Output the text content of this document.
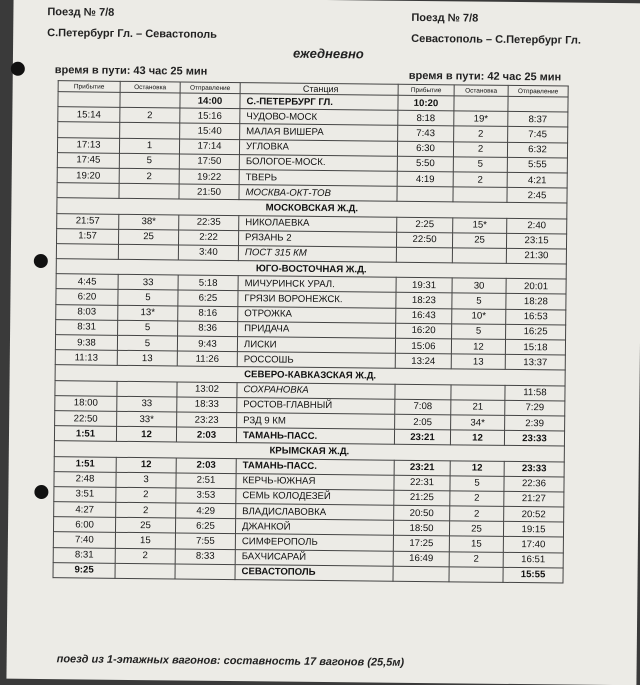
Поезд № 7/8
С.Петербург Гл. – Севастополь
Поезд № 7/8
Севастополь – С.Петербург Гл.
ежедневно
время в пути: 43 час 25 мин	время в пути: 42 час 25 мин
Прибытие	Остановка	Отправление	Станция	Прибытие	Остановка	Отправление
		14:00	С.-ПЕТЕРБУРГ ГЛ.	10:20		
15:14	2	15:16	ЧУДОВО-МОСК	8:18	19*	8:37
		15:40	МАЛАЯ ВИШЕРА	7:43	2	7:45
17:13	1	17:14	УГЛОВКА	6:30	2	6:32
17:45	5	17:50	БОЛОГОЕ-МОСК.	5:50	5	5:55
19:20	2	19:22	ТВЕРЬ	4:19	2	4:21
		21:50	МОСКВА-ОКТ-ТОВ			2:45
МОСКОВСКАЯ Ж.Д.						
21:57	38*	22:35	НИКОЛАЕВКА	2:25	15*	2:40
1:57	25	2:22	РЯЗАНЬ 2	22:50	25	23:15
		3:40	ПОСТ 315 КМ			21:30
ЮГО-ВОСТОЧНАЯ Ж.Д.						
4:45	33	5:18	МИЧУРИНСК УРАЛ.	19:31	30	20:01
6:20	5	6:25	ГРЯЗИ ВОРОНЕЖСК.	18:23	5	18:28
8:03	13*	8:16	ОТРОЖКА	16:43	10*	16:53
8:31	5	8:36	ПРИДАЧА	16:20	5	16:25
9:38	5	9:43	ЛИСКИ	15:06	12	15:18
11:13	13	11:26	РОССОШЬ	13:24	13	13:37
СЕВЕРО-КАВКАЗСКАЯ Ж.Д.						
		13:02	СОХРАНОВКА			11:58
18:00	33	18:33	РОСТОВ-ГЛАВНЫЙ	7:08	21	7:29
22:50	33*	23:23	РЗД 9 КМ	2:05	34*	2:39
1:51	12	2:03	ТАМАНЬ-ПАСС.	23:21	12	23:33
КРЫМСКАЯ Ж.Д.						
1:51	12	2:03	ТАМАНЬ-ПАСС.	23:21	12	23:33
2:48	3	2:51	КЕРЧЬ-ЮЖНАЯ	22:31	5	22:36
3:51	2	3:53	СЕМЬ КОЛОДЕЗЕЙ	21:25	2	21:27
4:27	2	4:29	ВЛАДИСЛАВОВКА	20:50	2	20:52
6:00	25	6:25	ДЖАНКОЙ	18:50	25	19:15
7:40	15	7:55	СИМФЕРОПОЛЬ	17:25	15	17:40
8:31	2	8:33	БАХЧИСАРАЙ	16:49	2	16:51
9:25			СЕВАСТОПОЛЬ			15:55
поезд из 1-этажных вагонов: составность 17 вагонов (25,5м)
